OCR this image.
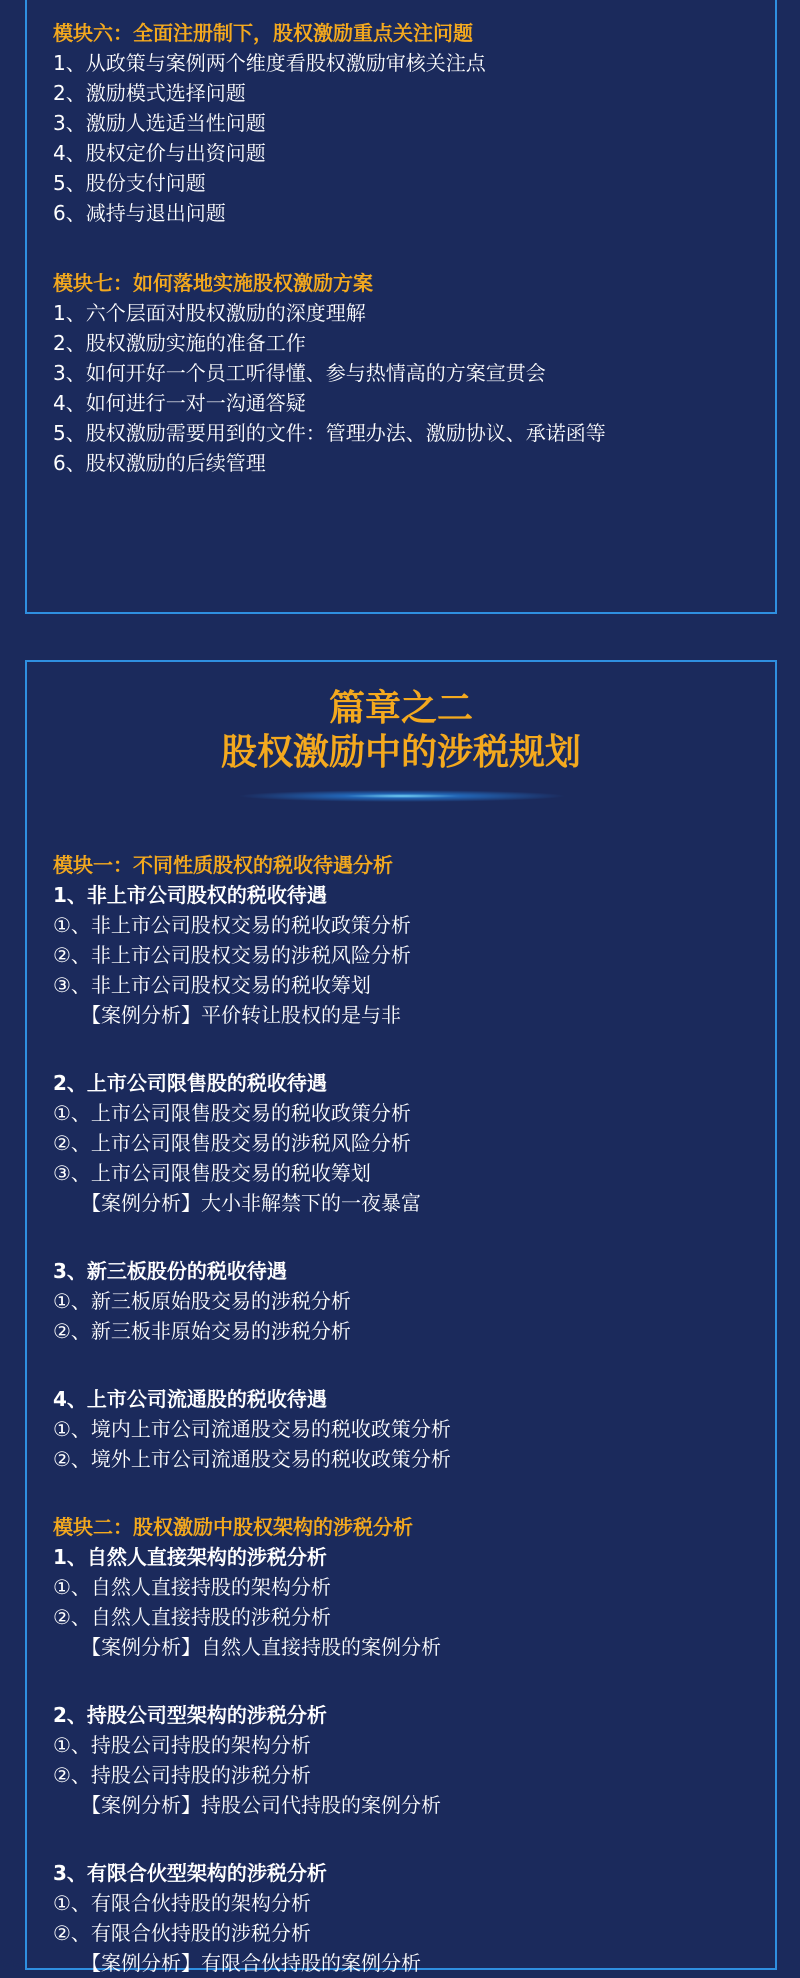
模块六：全面注册制下，股权激励重点关注问题
1、从政策与案例两个维度看股权激励审核关注点
2、激励模式选择问题
3、激励人选适当性问题
4、股权定价与出资问题
5、股份支付问题
6、减持与退出问题
模块七：如何落地实施股权激励方案
1、六个层面对股权激励的深度理解
2、股权激励实施的准备工作
3、如何开好一个员工听得懂、参与热情高的方案宣贯会
4、如何进行一对一沟通答疑
5、股权激励需要用到的文件：管理办法、激励协议、承诺函等
6、股权激励的后续管理
篇章之二
股权激励中的涉税规划
模块一：不同性质股权的税收待遇分析
1、非上市公司股权的税收待遇
①、非上市公司股权交易的税收政策分析
②、非上市公司股权交易的涉税风险分析
③、非上市公司股权交易的税收筹划
【案例分析】平价转让股权的是与非
2、上市公司限售股的税收待遇
①、上市公司限售股交易的税收政策分析
②、上市公司限售股交易的涉税风险分析
③、上市公司限售股交易的税收筹划
【案例分析】大小非解禁下的一夜暴富
3、新三板股份的税收待遇
①、新三板原始股交易的涉税分析
②、新三板非原始交易的涉税分析
4、上市公司流通股的税收待遇
①、境内上市公司流通股交易的税收政策分析
②、境外上市公司流通股交易的税收政策分析
模块二：股权激励中股权架构的涉税分析
1、自然人直接架构的涉税分析
①、自然人直接持股的架构分析
②、自然人直接持股的涉税分析
【案例分析】自然人直接持股的案例分析
2、持股公司型架构的涉税分析
①、持股公司持股的架构分析
②、持股公司持股的涉税分析
【案例分析】持股公司代持股的案例分析
3、有限合伙型架构的涉税分析
①、有限合伙持股的架构分析
②、有限合伙持股的涉税分析
【案例分析】有限合伙持股的案例分析
